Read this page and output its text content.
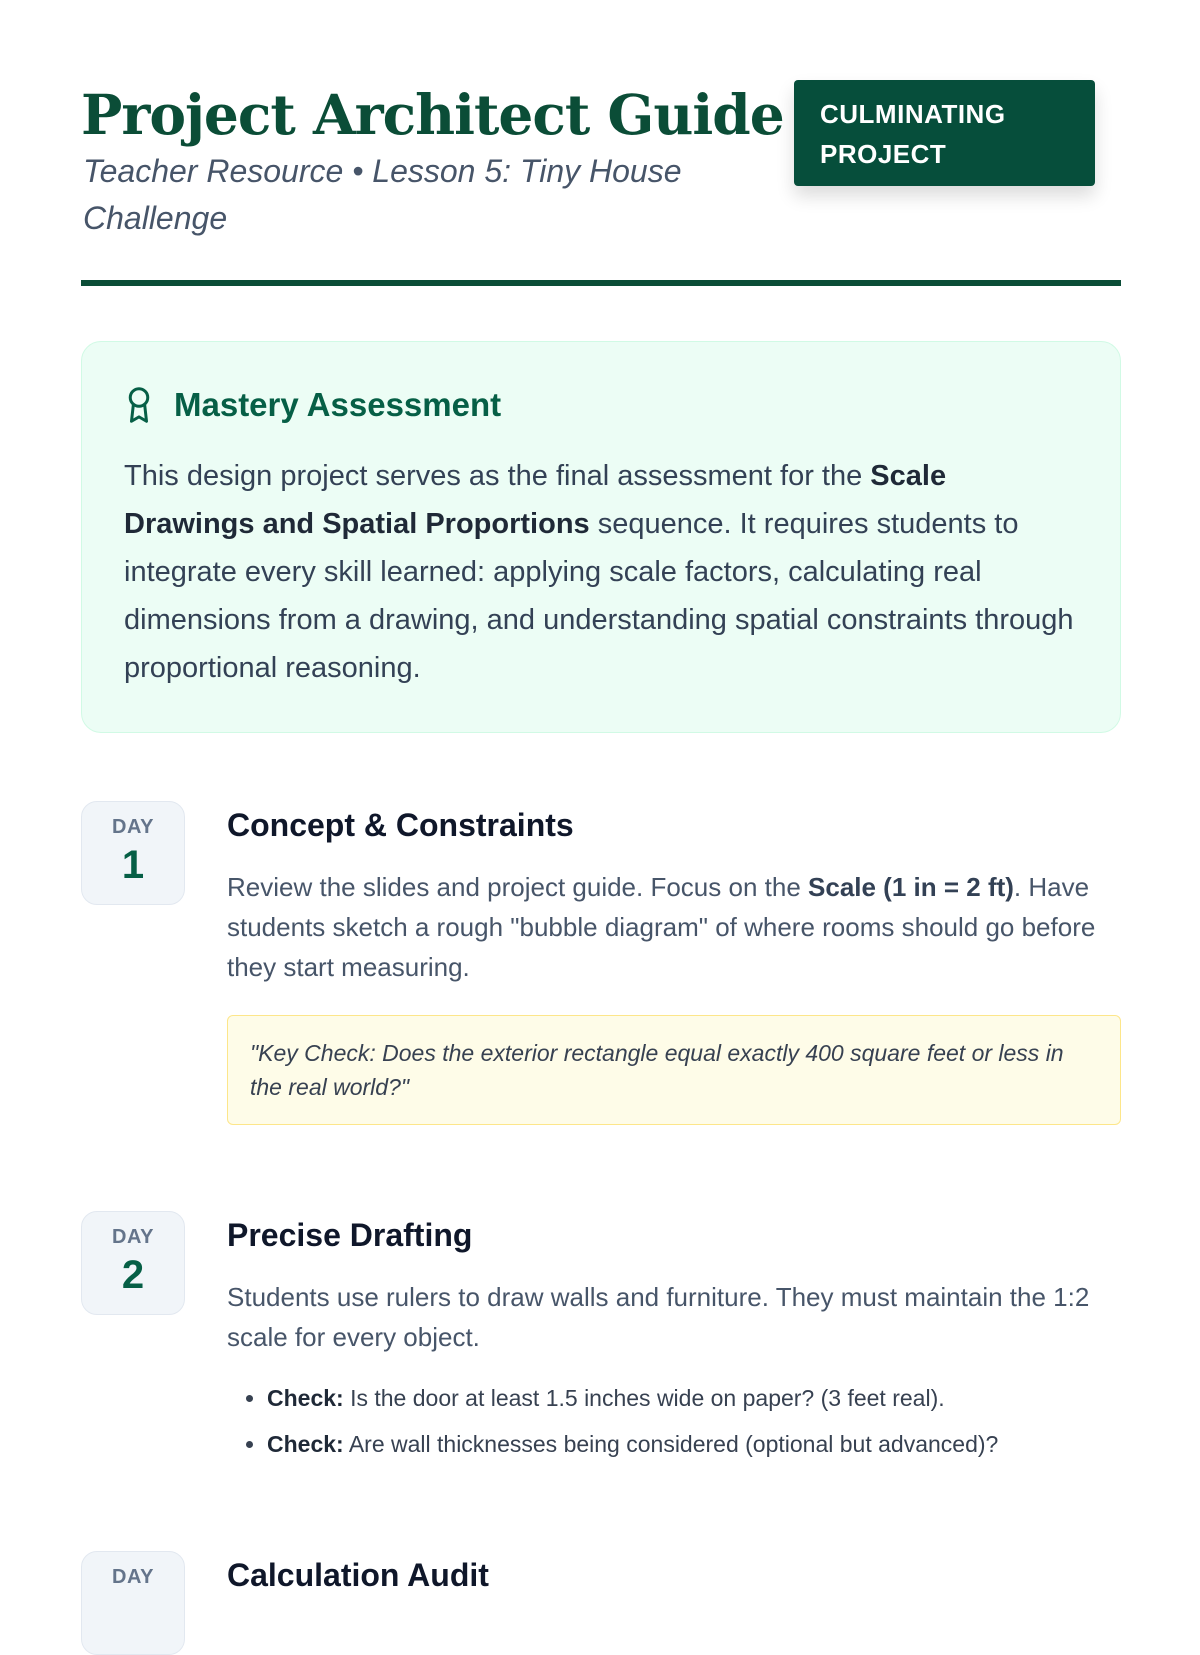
Project Architect Guide

Teacher Resource • Lesson 5: Tiny House Challenge

CULMINATING PROJECT
Mastery Assessment

This design project serves as the final assessment for the Scale Drawings and Spatial Proportions sequence. It requires students to integrate every skill learned: applying scale factors, calculating real dimensions from a drawing, and understanding spatial constraints through proportional reasoning.

DAY
1
Concept & Constraints

Review the slides and project guide. Focus on the Scale (1 in = 2 ft). Have students sketch a rough "bubble diagram" of where rooms should go before they start measuring.

"Key Check: Does the exterior rectangle equal exactly 400 square feet or less in the real world?"
DAY
2
Precise Drafting

Students use rulers to draw walls and furniture. They must maintain the 1:2 scale for every object.

• Check: Is the door at least 1.5 inches wide on paper? (3 feet real).
• Check: Are wall thicknesses being considered (optional but advanced)?
DAY	Calculation Audit
